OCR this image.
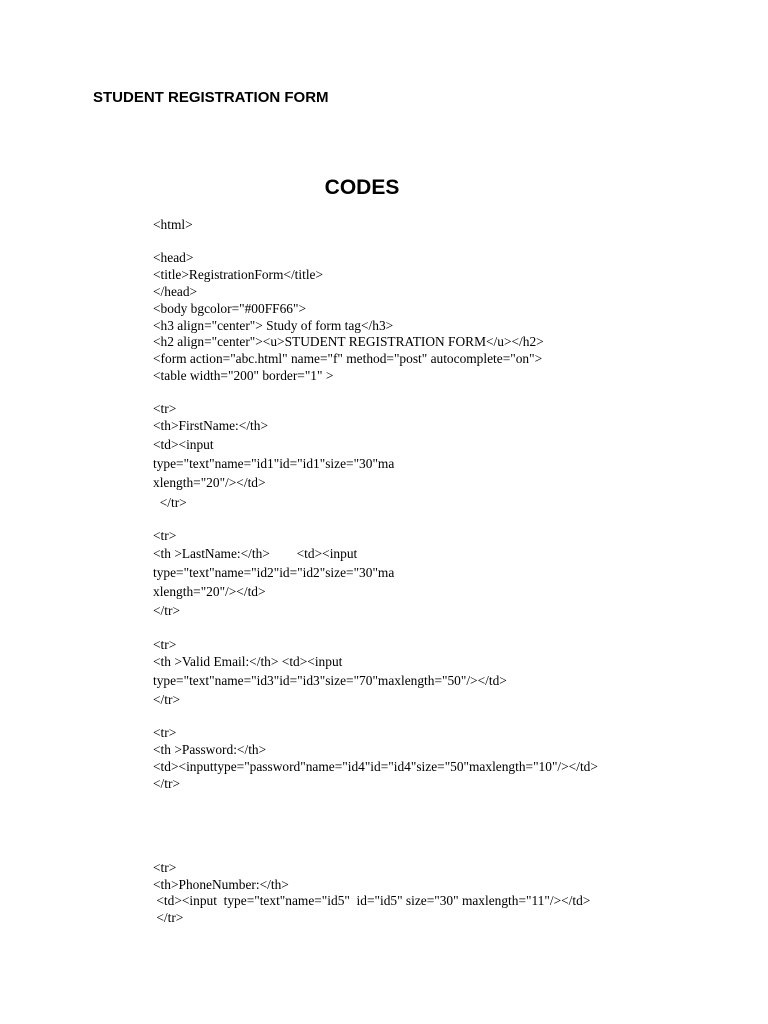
STUDENT REGISTRATION FORM
CODES
<html>
<head>
<title>RegistrationForm</title>
</head>
<body bgcolor="#00FF66">
<h3 align="center"> Study of form tag</h3>
<h2 align="center"><u>STUDENT REGISTRATION FORM</u></h2>
<form action="abc.html" name="f" method="post" autocomplete="on">
<table width="200" border="1" >
<tr>
<th>FirstName:</th>
<td><input
type="text"name="id1"id="id1"size="30"ma
xlength="20"/></td>
</tr>
<tr>
<th >LastName:</th>        <td><input
type="text"name="id2"id="id2"size="30"ma
xlength="20"/></td>
</tr>
<tr>
<th >Valid Email:</th> <td><input
type="text"name="id3"id="id3"size="70"maxlength="50"/></td>
</tr>
<tr>
<th >Password:</th>
<td><inputtype="password"name="id4"id="id4"size="50"maxlength="10"/></td>
</tr>
<tr>
<th>PhoneNumber:</th>
<td><input  type="text"name="id5"  id="id5" size="30" maxlength="11"/></td>
</tr>
